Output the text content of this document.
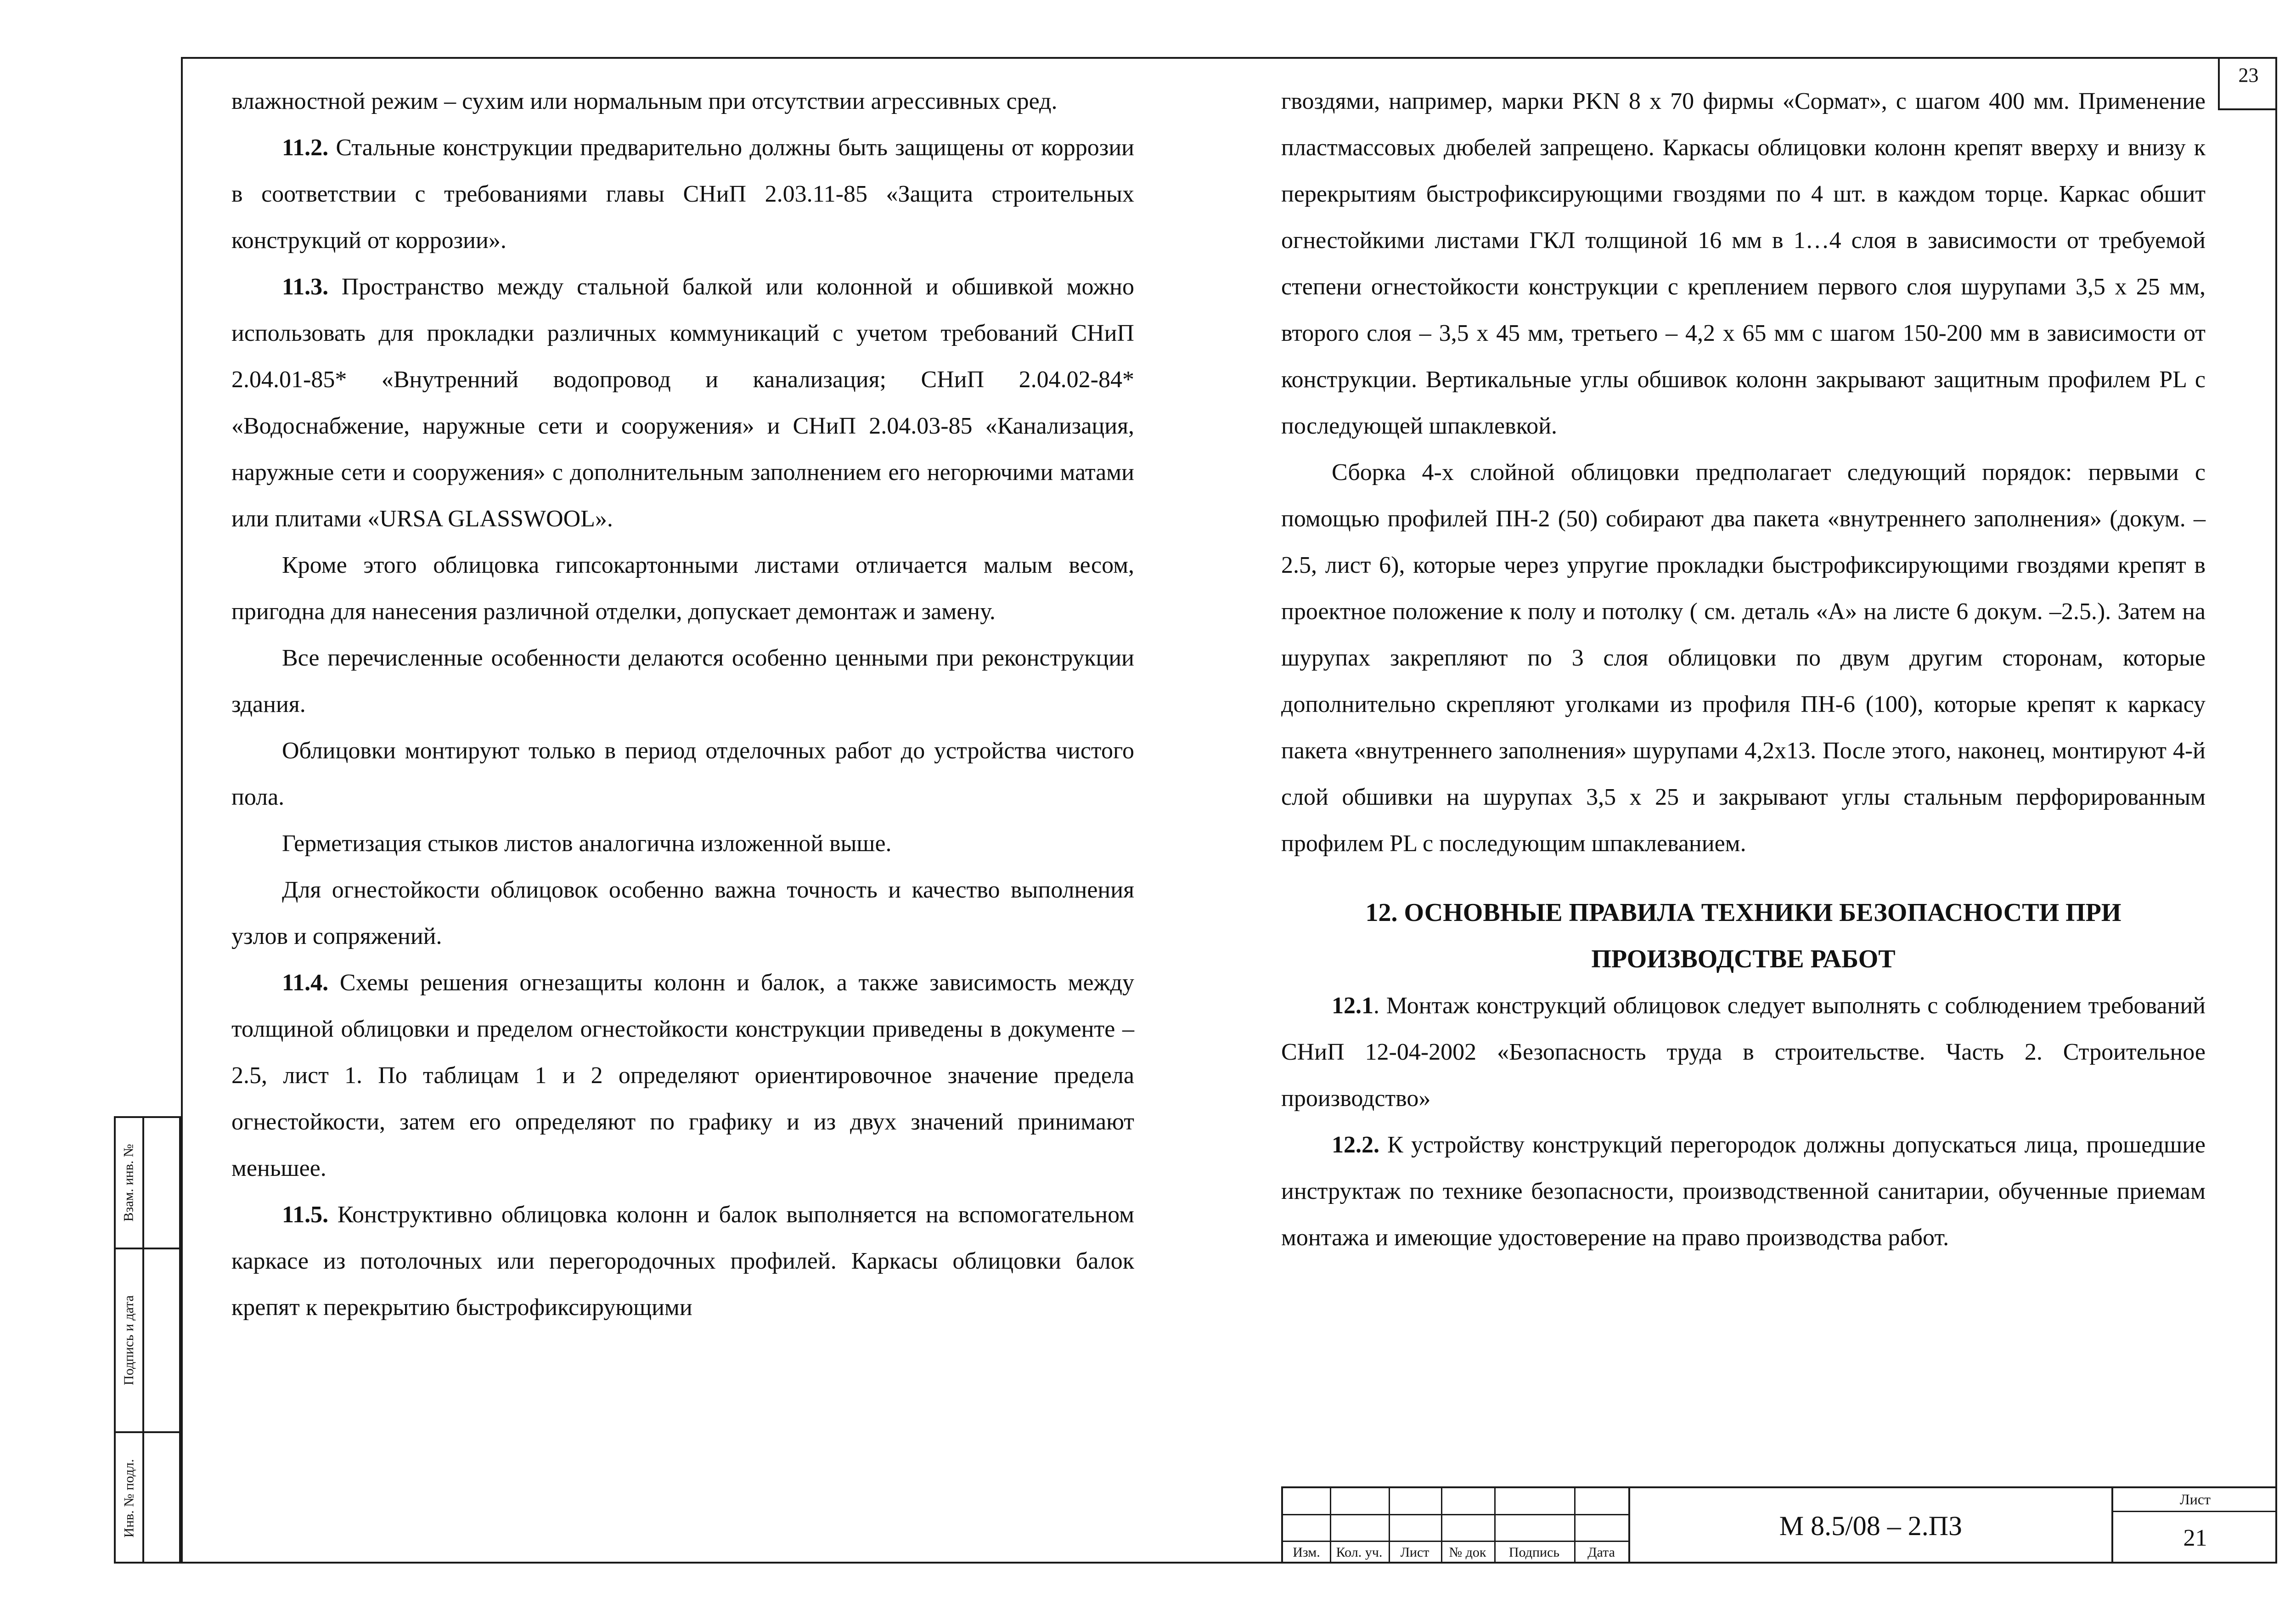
23

влажностной режим – сухим или нормальным при отсутствии агрессивных сред.

11.2. Стальные конструкции предварительно должны быть защищены от коррозии в соответствии с требованиями главы СНиП 2.03.11-85 «Защита строительных конструкций от коррозии».

11.3. Пространство между стальной балкой или колонной и обшивкой можно использовать для прокладки различных коммуникаций с учетом требований СНиП 2.04.01-85* «Внутренний водопровод и канализация; СНиП 2.04.02-84* «Водоснабжение, наружные сети и сооружения» и СНиП 2.04.03-85 «Канализация, наружные сети и сооружения» с дополнительным заполнением его негорючими матами или плитами «URSA GLASSWOOL».

Кроме этого облицовка гипсокартонными листами отличается малым весом, пригодна для нанесения различной отделки, допускает демонтаж и замену.

Все перечисленные особенности делаются особенно ценными при реконструкции здания.

Облицовки монтируют только в период отделочных работ до устройства чистого пола.

Герметизация стыков листов аналогична изложенной выше.

Для огнестойкости облицовок особенно важна точность и качество выполнения узлов и сопряжений.

11.4. Схемы решения огнезащиты колонн и балок, а также зависимость между толщиной облицовки и пределом огнестойкости конструкции приведены в документе – 2.5, лист 1. По таблицам 1 и 2 определяют ориентировочное значение предела огнестойкости, затем его определяют по графику и из двух значений принимают меньшее.

11.5. Конструктивно облицовка колонн и балок выполняется на вспомогательном каркасе из потолочных или перегородочных профилей. Каркасы облицовки балок крепят к перекрытию быстрофиксирующими

гвоздями, например, марки PKN 8 x 70 фирмы «Сормат», с шагом 400 мм. Применение пластмассовых дюбелей запрещено. Каркасы облицовки колонн крепят вверху и внизу к перекрытиям быстрофиксирующими гвоздями по 4 шт. в каждом торце. Каркас обшит огнестойкими листами ГКЛ толщиной 16 мм в 1…4 слоя в зависимости от требуемой степени огнестойкости конструкции с креплением первого слоя шурупами 3,5 x 25 мм, второго слоя – 3,5 x 45 мм, третьего – 4,2 x 65 мм с шагом 150-200 мм в зависимости от конструкции. Вертикальные углы обшивок колонн закрывают защитным профилем PL с последующей шпаклевкой.

Сборка 4-х слойной облицовки предполагает следующий порядок: первыми с помощью профилей ПН-2 (50) собирают два пакета «внутреннего заполнения» (докум. – 2.5, лист 6), которые через упругие прокладки быстрофиксирующими гвоздями крепят в проектное положение к полу и потолку ( см. деталь «А» на листе 6 докум. –2.5.). Затем на шурупах закрепляют по 3 слоя облицовки по двум другим сторонам, которые дополнительно скрепляют уголками из профиля ПН-6 (100), которые крепят к каркасу пакета «внутреннего заполнения» шурупами 4,2x13. После этого, наконец, монтируют 4-й слой обшивки на шурупах 3,5 x 25 и закрывают углы стальным перфорированным профилем PL с последующим шпаклеванием.

12. ОСНОВНЫЕ ПРАВИЛА ТЕХНИКИ БЕЗОПАСНОСТИ ПРИ ПРОИЗВОДСТВЕ РАБОТ

12.1. Монтаж конструкций облицовок следует выполнять с соблюдением требований СНиП 12-04-2002 «Безопасность труда в строительстве. Часть 2. Строительное производство»

12.2. К устройству конструкций перегородок должны допускаться лица, прошедшие инструктаж по технике безопасности, производственной санитарии, обученные приемам монтажа и имеющие удостоверение на право производства работ.

Взам. инв. №
Подпись и дата
Инв. № подл.
Изм.	Кол. уч.	Лист	№ док	Подпись	Дата
М 8.5/08 – 2.ПЗ
Лист
21
